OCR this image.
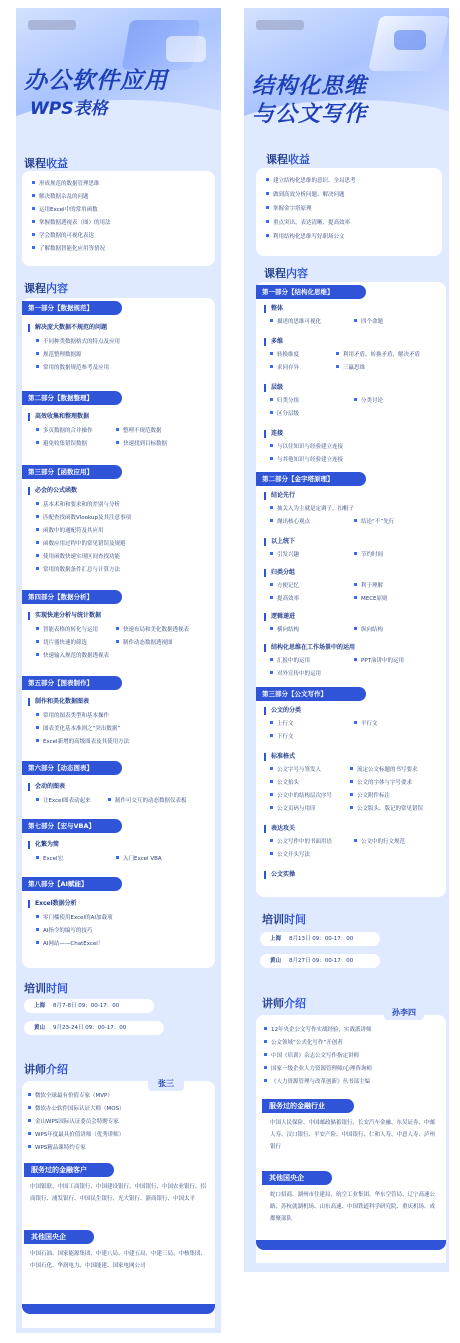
办公软件应用
WPS表格
课程收益
形成规范的数据管理思维
解决数据杂乱的问题
运用Excel中的常用函数
掌握数据透视表（图）的用法
学会数据的可视化表达
了解数据智能化应用等情况
课程内容
第一部分【数据规范】
解决庞大数据不规范的问题
不同种类数据格式的特点及应用
规范整理数据源
常用的数据规范参考及应用
第二部分【数据整理】
高效收集和整理数据
多页数据的合并操作	整理不规范数据
避免收集错误数据	快速找到目标数据
第三部分【函数应用】
必会的公式函数
基本术和和要求和的差别与分析
匹配查找函数Vlookup及其注意事项
函数中的通配符及其应用
函数应用过程中的常见错误及规避
使用函数快速实现区间查找功能
常用的数据条件汇总与计算方法
第四部分【数据分析】
实现快速分析与统计数据
智能表格的转化与运用	快速布局和美化数据透视表
切片器快速的筛选	制作动态数据透视图
快速输入规范的数据透视表
第五部分【图表制作】
制作和美化数据图表
常用的图表类型和基本操作
图表美化基本准则之“突出数据”
Excel新增的高级图表及其使用方法
第六部分【动态图表】
会动的图表
让Excel图表动起来	制作可交互的动态数据仪表板
第七部分【宏与VBA】
化繁为简
Excel宏	入门Excel VBA
第八部分【AI赋能】
Excel数据分析
零门槛使用Excel的AI加载项
AI指令的编写的技巧
AI网站——ChatExcel！
培训时间
上海 8月7-8日 09：00-17：00
黄山 9月23-24日 09：00-17：00
讲师介绍
张三
微软全球最有价值专家（MVP）
微软办公软件国际认证大师（MOS）
金山WPS国际认证委员会特聘专家
WPS年度最具价值讲师（优秀讲师）
WPS精品课特约专家
服务过的金融客户
中国银联、中国工商银行、中国建设银行、中国银行、中国农业银行、招商银行、浦发银行、中国民生银行、光大银行、浙商银行、中国太平
其他国央企
中国石油、国家能源集团、中建八局、中建五局、中建三局、中核集团、中国石化、华润电力、中国能建、国家电网公司
结构化思维
与公文写作
课程收益
建立结构化思维的意识、全局思考
做到高效分析问题、解决问题
掌握金字塔原理
重点突出、表达清晰、提高效率
利用结构化思维写好职场公文
课程内容
第一部分【结构化思维】
整体
描述的思维可视化	四个命题
多维
转换维度	利用矛盾、转换矛盾、解决矛盾
求同存异	三赢思维
层级
归类分组	分类讨论
区分层级
连接
与以往知识与经验建立连接
与其他知识与经验建立连接
第二部分【金字塔原理】
结论先行
抽关入为主就是定调子、扣帽子
抛出核心观点	结论“不”先行
以上统下
引发兴趣	节约时间
归类分组
方便记忆	利于理解
提高效率	MECE原则
逻辑递进
横向结构	纵向结构
结构化思维在工作场景中的运用
汇报中的运用	PPT演讲中的运用
对外宣传中的运用
第三部分【公文写作】
公文的分类
上行文	平行文
下行文
标准格式
公文字号与签发人	流定公文标题的书写要求
公文抬头	公文的字体与字号要求
公文中的结构层次序号	公文附件标注
公文页码与用印	公文版头、版记的常见错误
表达攻关
公文写作中的书面用语	公文中的行文规范
公文开头写法
公文实操
培训时间
上海 8月13日 09：00-17：00
黄山 8月27日 09：00-17：00
讲师介绍
孙李四
12年央企公文写作实战经验，实战派讲师
公文领域“公式化写作”开创者
中国《培训》杂志公文写作指定讲师
国家一级企业人力资源管理师/心理咨询师
《人力资源管理与改革创新》丛书部主编
服务过的金融行业
中国人民保险、中国邮政储蓄银行、长安汽车金融、东吴证券、中邮人寿、汉口银行、平安产险、中国银行、仁和人寿、中意人寿、泸州银行
其他国央企
蛇口招商、湖州市住建局、航空工业集团、华东空管局、辽宁高速公路、苏杭就湖机场、山东高速、中国铁道科学研究院、重庆机场、成都聚部队
